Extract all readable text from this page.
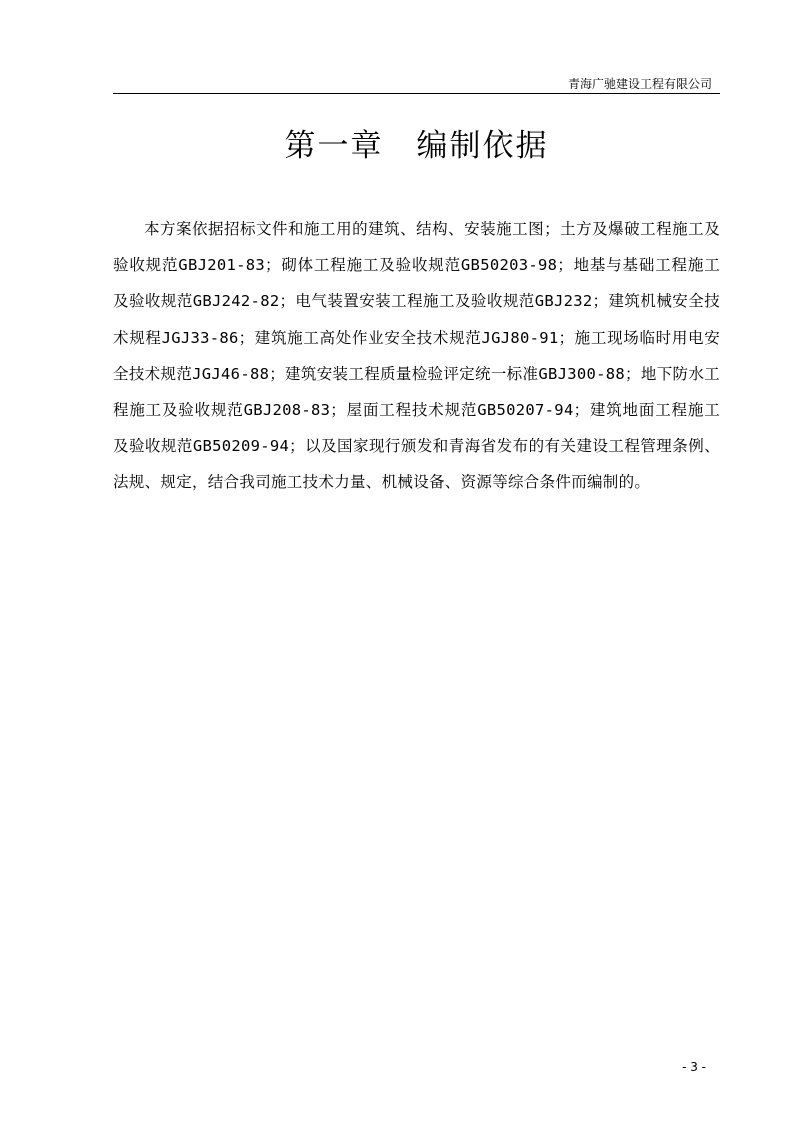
青海广驰建设工程有限公司
第一章　编制依据

本方案依据招标文件和施工用的建筑、结构、安装施工图；土方及爆破工程施工及验收规范GBJ201-83；砌体工程施工及验收规范GB50203-98；地基与基础工程施工及验收规范GBJ242-82；电气装置安装工程施工及验收规范GBJ232；建筑机械安全技术规程JGJ33-86；建筑施工高处作业安全技术规范JGJ80-91；施工现场临时用电安全技术规范JGJ46-88；建筑安装工程质量检验评定统一标准GBJ300-88；地下防水工程施工及验收规范GBJ208-83；屋面工程技术规范GB50207-94；建筑地面工程施工及验收规范GB50209-94；以及国家现行颁发和青海省发布的有关建设工程管理条例、法规、规定，结合我司施工技术力量、机械设备、资源等综合条件而编制的。

- 3 -
